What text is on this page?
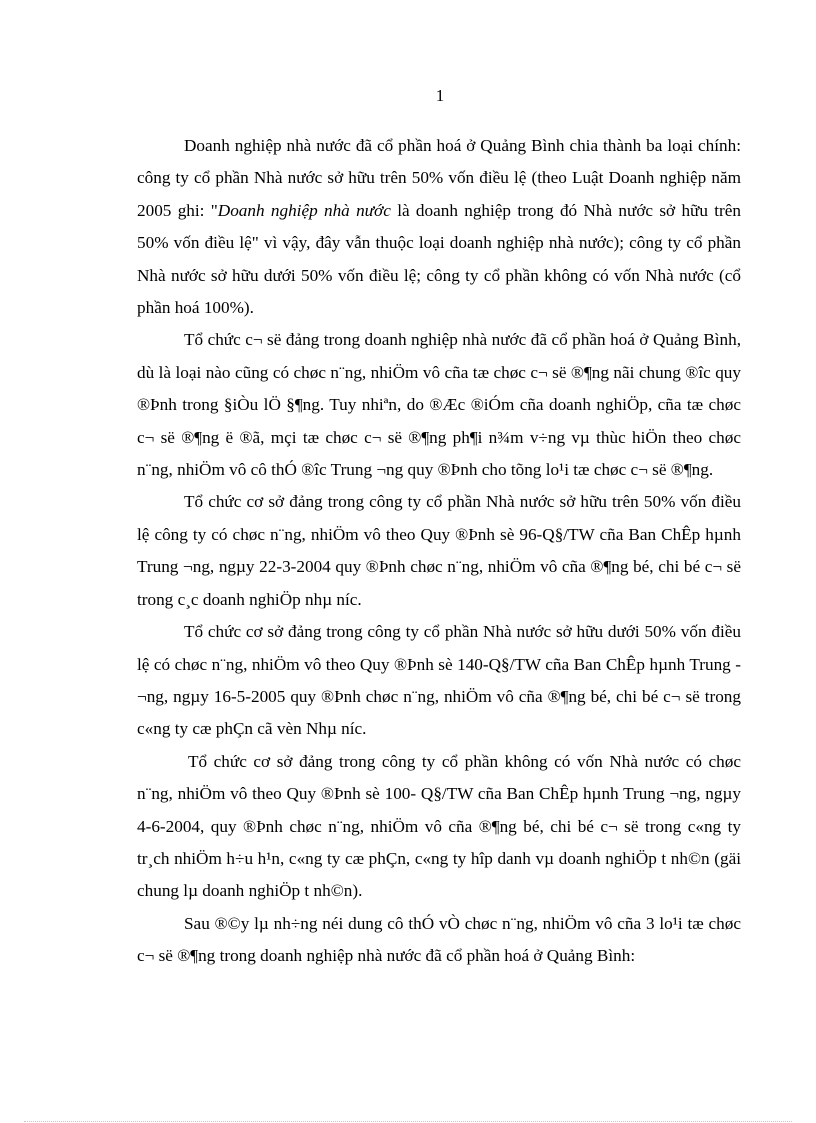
1

Doanh nghiệp nhà nước đã cổ phần hoá ở Quảng Bình chia thành ba loại chính: công ty cổ phần Nhà nước sở hữu trên 50% vốn điều lệ (theo Luật Doanh nghiệp năm 2005 ghi: "Doanh nghiệp nhà nước là doanh nghiệp trong đó Nhà nước sở hữu trên 50% vốn điều lệ" vì vậy, đây vẫn thuộc loại doanh nghiệp nhà nước); công ty cổ phần Nhà nước sở hữu dưới 50% vốn điều lệ; công ty cổ phần không có vốn Nhà nước (cổ phần hoá 100%).

Tổ chức c¬ së đảng trong doanh nghiệp nhà nước đã cổ phần hoá ở Quảng Bình, dù là loại nào cũng có chøc n¨ng, nhiÖm vô cña tæ chøc c¬ së ®¶ng nãi chung ®îc quy ®Þnh trong §iÒu lÖ §¶ng. Tuy nhiªn, do ®Æc ®iÓm cña doanh nghiÖp, cña tæ chøc c¬ së ®¶ng ë ®ã, mçi tæ chøc c¬ së ®¶ng ph¶i n¾m v÷ng vµ thùc hiÖn theo chøc n¨ng, nhiÖm vô cô thÓ ®îc Trung ¬ng quy ®Þnh cho tõng lo¹i tæ chøc c¬ së ®¶ng.

Tổ chức cơ sở đảng trong công ty cổ phần Nhà nước sở hữu trên 50% vốn điều lệ công ty có chøc n¨ng, nhiÖm vô theo Quy ®Þnh sè 96-Q§/TW cña Ban ChÊp hµnh Trung ¬ng, ngµy 22-3-2004 quy ®Þnh chøc n¨ng, nhiÖm vô cña ®¶ng bé, chi bé c¬ së trong c¸c doanh nghiÖp nhµ níc.

Tổ chức cơ sở đảng trong công ty cổ phần Nhà nước sở hữu dưới 50% vốn điều lệ có chøc n¨ng, nhiÖm vô theo Quy ®Þnh sè 140-Q§/TW cña Ban ChÊp hµnh Trung ¬ng, ngµy 16-5-2005 quy ®Þnh chøc n¨ng, nhiÖm vô cña ®¶ng bé, chi bé c¬ së trong c«ng ty cæ phÇn cã vèn Nhµ níc.

Tổ chức cơ sở đảng trong công ty cổ phần không có vốn Nhà nước có chøc n¨ng, nhiÖm vô theo Quy ®Þnh sè 100- Q§/TW cña Ban ChÊp hµnh Trung ¬ng, ngµy 4-6-2004, quy ®Þnh chøc n¨ng, nhiÖm vô cña ®¶ng bé, chi bé c¬ së trong c«ng ty tr¸ch nhiÖm h÷u h¹n, c«ng ty cæ phÇn, c«ng ty hîp danh vµ doanh nghiÖp t nh©n (gäi chung lµ doanh nghiÖp t nh©n).

Sau ®©y lµ nh÷ng néi dung cô thÓ vÒ chøc n¨ng, nhiÖm vô cña 3 lo¹i tæ chøc c¬ së ®¶ng trong doanh nghiệp nhà nước đã cổ phần hoá ở Quảng Bình:
